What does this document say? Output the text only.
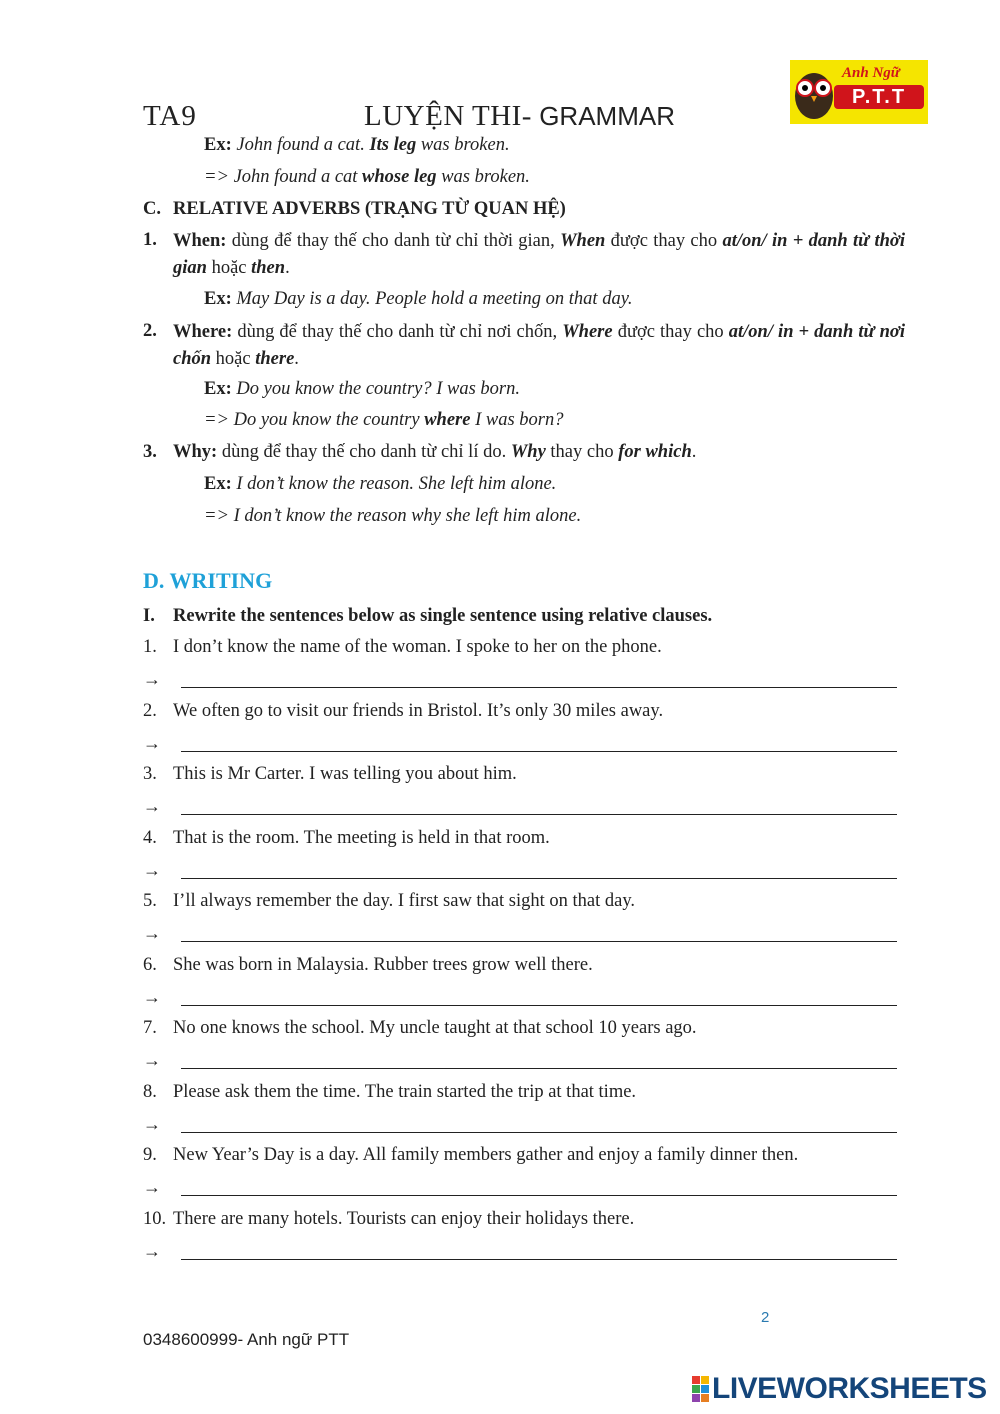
TA9	LUYỆN THI- GRAMMAR
Anh Ngữ
P.T.T
Ex: John found a cat. Its leg was broken.
=> John found a cat whose leg was broken.
C. RELATIVE ADVERBS (TRẠNG TỪ QUAN HỆ)
1. When: dùng để thay thế cho danh từ chỉ thời gian, When được thay cho at/on/ in + danh từ thời gian hoặc then.
Ex: May Day is a day. People hold a meeting on that day.
2. Where: dùng để thay thế cho danh từ chỉ nơi chốn, Where được thay cho at/on/ in + danh từ nơi chốn hoặc there.
Ex: Do you know the country? I was born.
=> Do you know the country where I was born?
3. Why: dùng để thay thế cho danh từ chỉ lí do. Why thay cho for which.
Ex: I don’t know the reason. She left him alone.
=> I don’t know the reason why she left him alone.
D. WRITING
I. Rewrite the sentences below as single sentence using relative clauses.
1. I don’t know the name of the woman. I spoke to her on the phone.
→
2. We often go to visit our friends in Bristol. It’s only 30 miles away.
→
3. This is Mr Carter. I was telling you about him.
→
4. That is the room. The meeting is held in that room.
→
5. I’ll always remember the day. I first saw that sight on that day.
→
6. She was born in Malaysia. Rubber trees grow well there.
→
7. No one knows the school. My uncle taught at that school 10 years ago.
→
8. Please ask them the time. The train started the trip at that time.
→
9. New Year’s Day is a day. All family members gather and enjoy a family dinner then.
→
10. There are many hotels. Tourists can enjoy their holidays there.
→
2
0348600999- Anh ngữ PTT
LIVEWORKSHEETS
